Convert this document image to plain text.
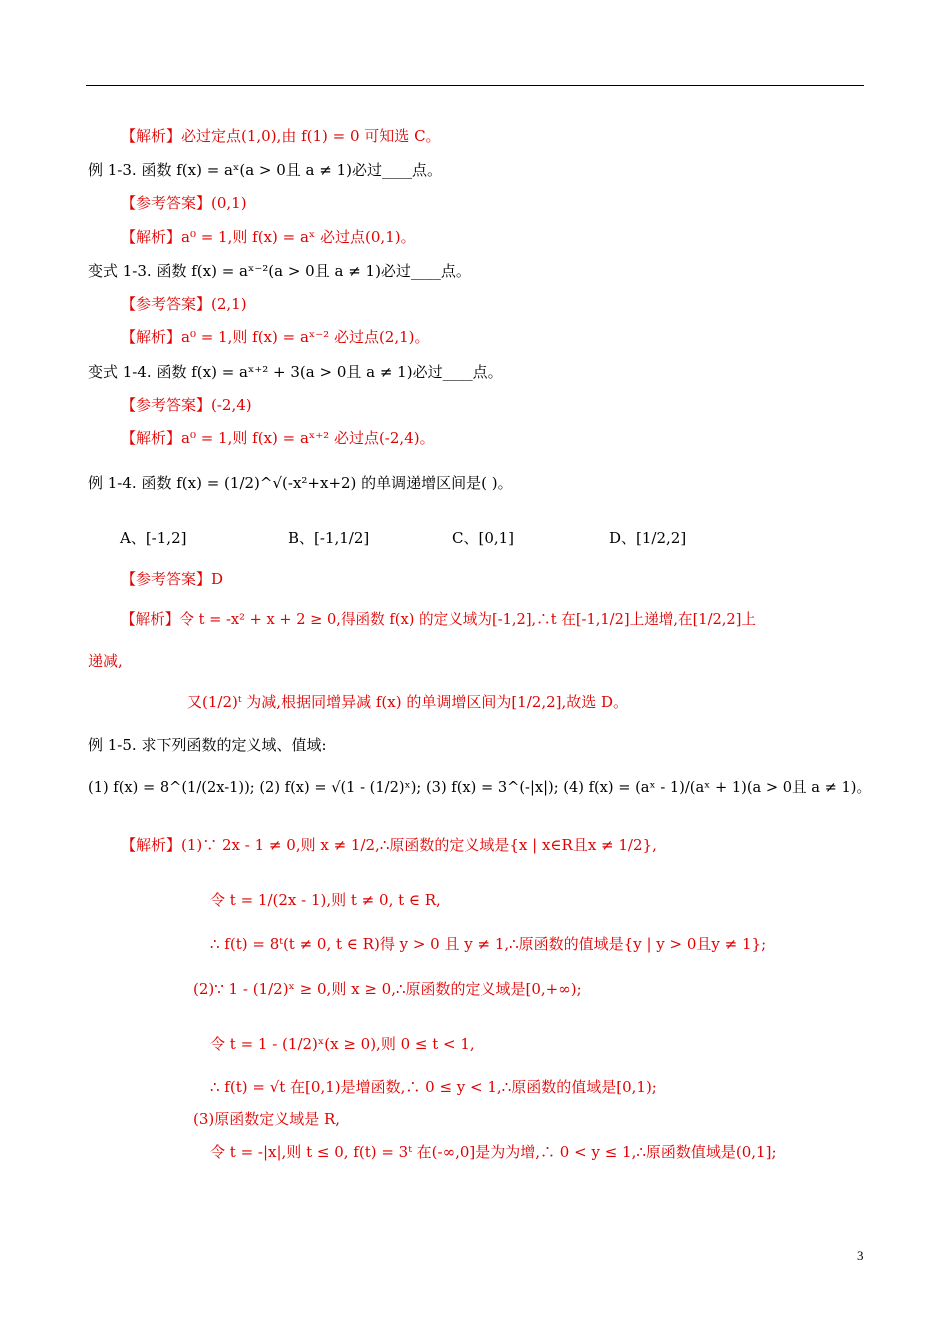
【解析】必过定点(1,0),由 f(1) = 0 可知选 C。
例 1-3. 函数 f(x) = aˣ(a > 0且 a ≠ 1)必过____点。
【参考答案】(0,1)
【解析】a⁰ = 1,则 f(x) = aˣ 必过点(0,1)。
变式 1-3. 函数 f(x) = aˣ⁻²(a > 0且 a ≠ 1)必过____点。
【参考答案】(2,1)
【解析】a⁰ = 1,则 f(x) = aˣ⁻² 必过点(2,1)。
变式 1-4. 函数 f(x) = aˣ⁺² + 3(a > 0且 a ≠ 1)必过____点。
【参考答案】(-2,4)
【解析】a⁰ = 1,则 f(x) = aˣ⁺² 必过点(-2,4)。
例 1-4. 函数 f(x) = (1/2)^√(-x²+x+2) 的单调递增区间是( )。
A、[-1,2]	B、[-1,1/2]	C、[0,1]	D、[1/2,2]
【参考答案】D
【解析】令 t = -x² + x + 2 ≥ 0,得函数 f(x) 的定义域为[-1,2],∴t 在[-1,1/2]上递增,在[1/2,2]上
递减,
又(1/2)ᵗ 为减,根据同增异减 f(x) 的单调增区间为[1/2,2],故选 D。
例 1-5. 求下列函数的定义域、值域:
(1) f(x) = 8^(1/(2x-1)); (2) f(x) = √(1 - (1/2)ˣ); (3) f(x) = 3^(-|x|); (4) f(x) = (aˣ - 1)/(aˣ + 1)(a > 0且 a ≠ 1)。
【解析】(1)∵ 2x - 1 ≠ 0,则 x ≠ 1/2,∴原函数的定义域是{x | x∈R且x ≠ 1/2},
令 t = 1/(2x - 1),则 t ≠ 0, t ∈ R,
∴ f(t) = 8ᵗ(t ≠ 0, t ∈ R)得 y > 0 且 y ≠ 1,∴原函数的值域是{y | y > 0且y ≠ 1};
(2)∵ 1 - (1/2)ˣ ≥ 0,则 x ≥ 0,∴原函数的定义域是[0,+∞);
令 t = 1 - (1/2)ˣ(x ≥ 0),则 0 ≤ t < 1,
∴ f(t) = √t 在[0,1)是增函数,∴ 0 ≤ y < 1,∴原函数的值域是[0,1);
(3)原函数定义域是 R,
令 t = -|x|,则 t ≤ 0, f(t) = 3ᵗ 在(-∞,0]是为为增,∴ 0 < y ≤ 1,∴原函数值域是(0,1];
3
